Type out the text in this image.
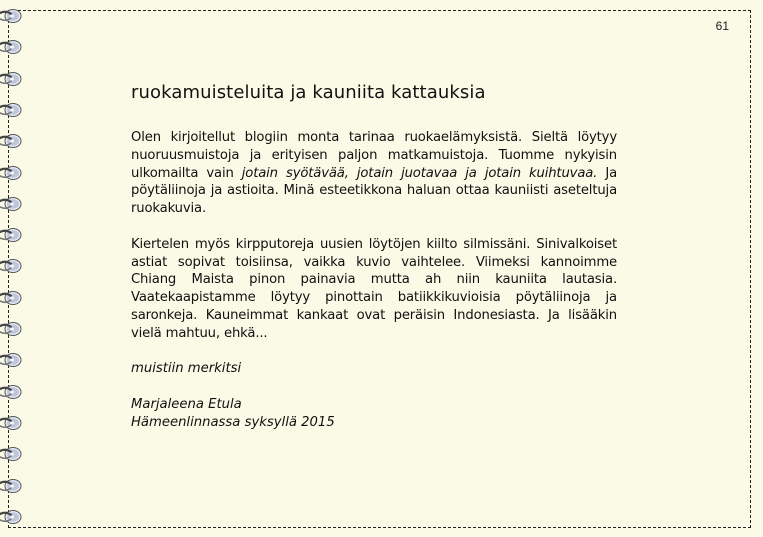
61
ruokamuisteluita ja kauniita kattauksia

Olen kirjoitellut blogiin monta tarinaa ruokaelämyksistä. Sieltä löytyy nuoruusmuistoja ja erityisen paljon matkamuistoja. Tuomme nykyisin ulkomailta vain jotain syötävää, jotain juotavaa ja jotain kuihtuvaa. Ja pöytäliinoja ja astioita. Minä esteetikkona haluan ottaa kauniisti aseteltuja ruokakuvia.

Kiertelen myös kirpputoreja uusien löytöjen kiilto silmissäni. Sinivalkoiset astiat sopivat toisiinsa, vaikka kuvio vaihtelee. Viimeksi kannoimme Chiang Maista pinon painavia mutta ah niin kauniita lautasia. Vaatekaapistamme löytyy pinottain batiikkikuvioisia pöytäliinoja ja saronkeja. Kauneimmat kankaat ovat peräisin Indonesiasta. Ja lisääkin vielä mahtuu, ehkä...

muistiin merkitsi

Marjaleena Etula

Hämeenlinnassa syksyllä 2015
